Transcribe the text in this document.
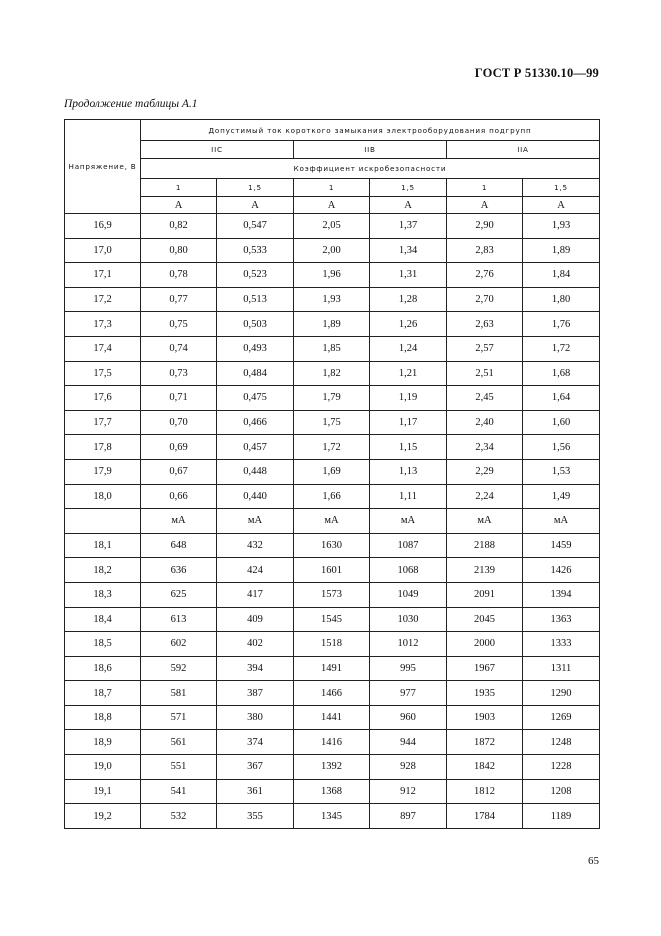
ГОСТ Р 51330.10—99
Продолжение таблицы А.1
Напряжение, В	Допустимый ток короткого замыкания электрооборудования подгрупп					
	IIC		IIB		IIA	
	Коэффициент искробезопасности					
	1	1,5	1	1,5	1	1,5
	А	А	А	А	А	А
16,9	0,82	0,547	2,05	1,37	2,90	1,93
17,0	0,80	0,533	2,00	1,34	2,83	1,89
17,1	0,78	0,523	1,96	1,31	2,76	1,84
17,2	0,77	0,513	1,93	1,28	2,70	1,80
17,3	0,75	0,503	1,89	1,26	2,63	1,76
17,4	0,74	0,493	1,85	1,24	2,57	1,72
17,5	0,73	0,484	1,82	1,21	2,51	1,68
17,6	0,71	0,475	1,79	1,19	2,45	1,64
17,7	0,70	0,466	1,75	1,17	2,40	1,60
17,8	0,69	0,457	1,72	1,15	2,34	1,56
17,9	0,67	0,448	1,69	1,13	2,29	1,53
18,0	0,66	0,440	1,66	1,11	2,24	1,49
	мА	мА	мА	мА	мА	мА
18,1	648	432	1630	1087	2188	1459
18,2	636	424	1601	1068	2139	1426
18,3	625	417	1573	1049	2091	1394
18,4	613	409	1545	1030	2045	1363
18,5	602	402	1518	1012	2000	1333
18,6	592	394	1491	995	1967	1311
18,7	581	387	1466	977	1935	1290
18,8	571	380	1441	960	1903	1269
18,9	561	374	1416	944	1872	1248
19,0	551	367	1392	928	1842	1228
19,1	541	361	1368	912	1812	1208
19,2	532	355	1345	897	1784	1189
65
